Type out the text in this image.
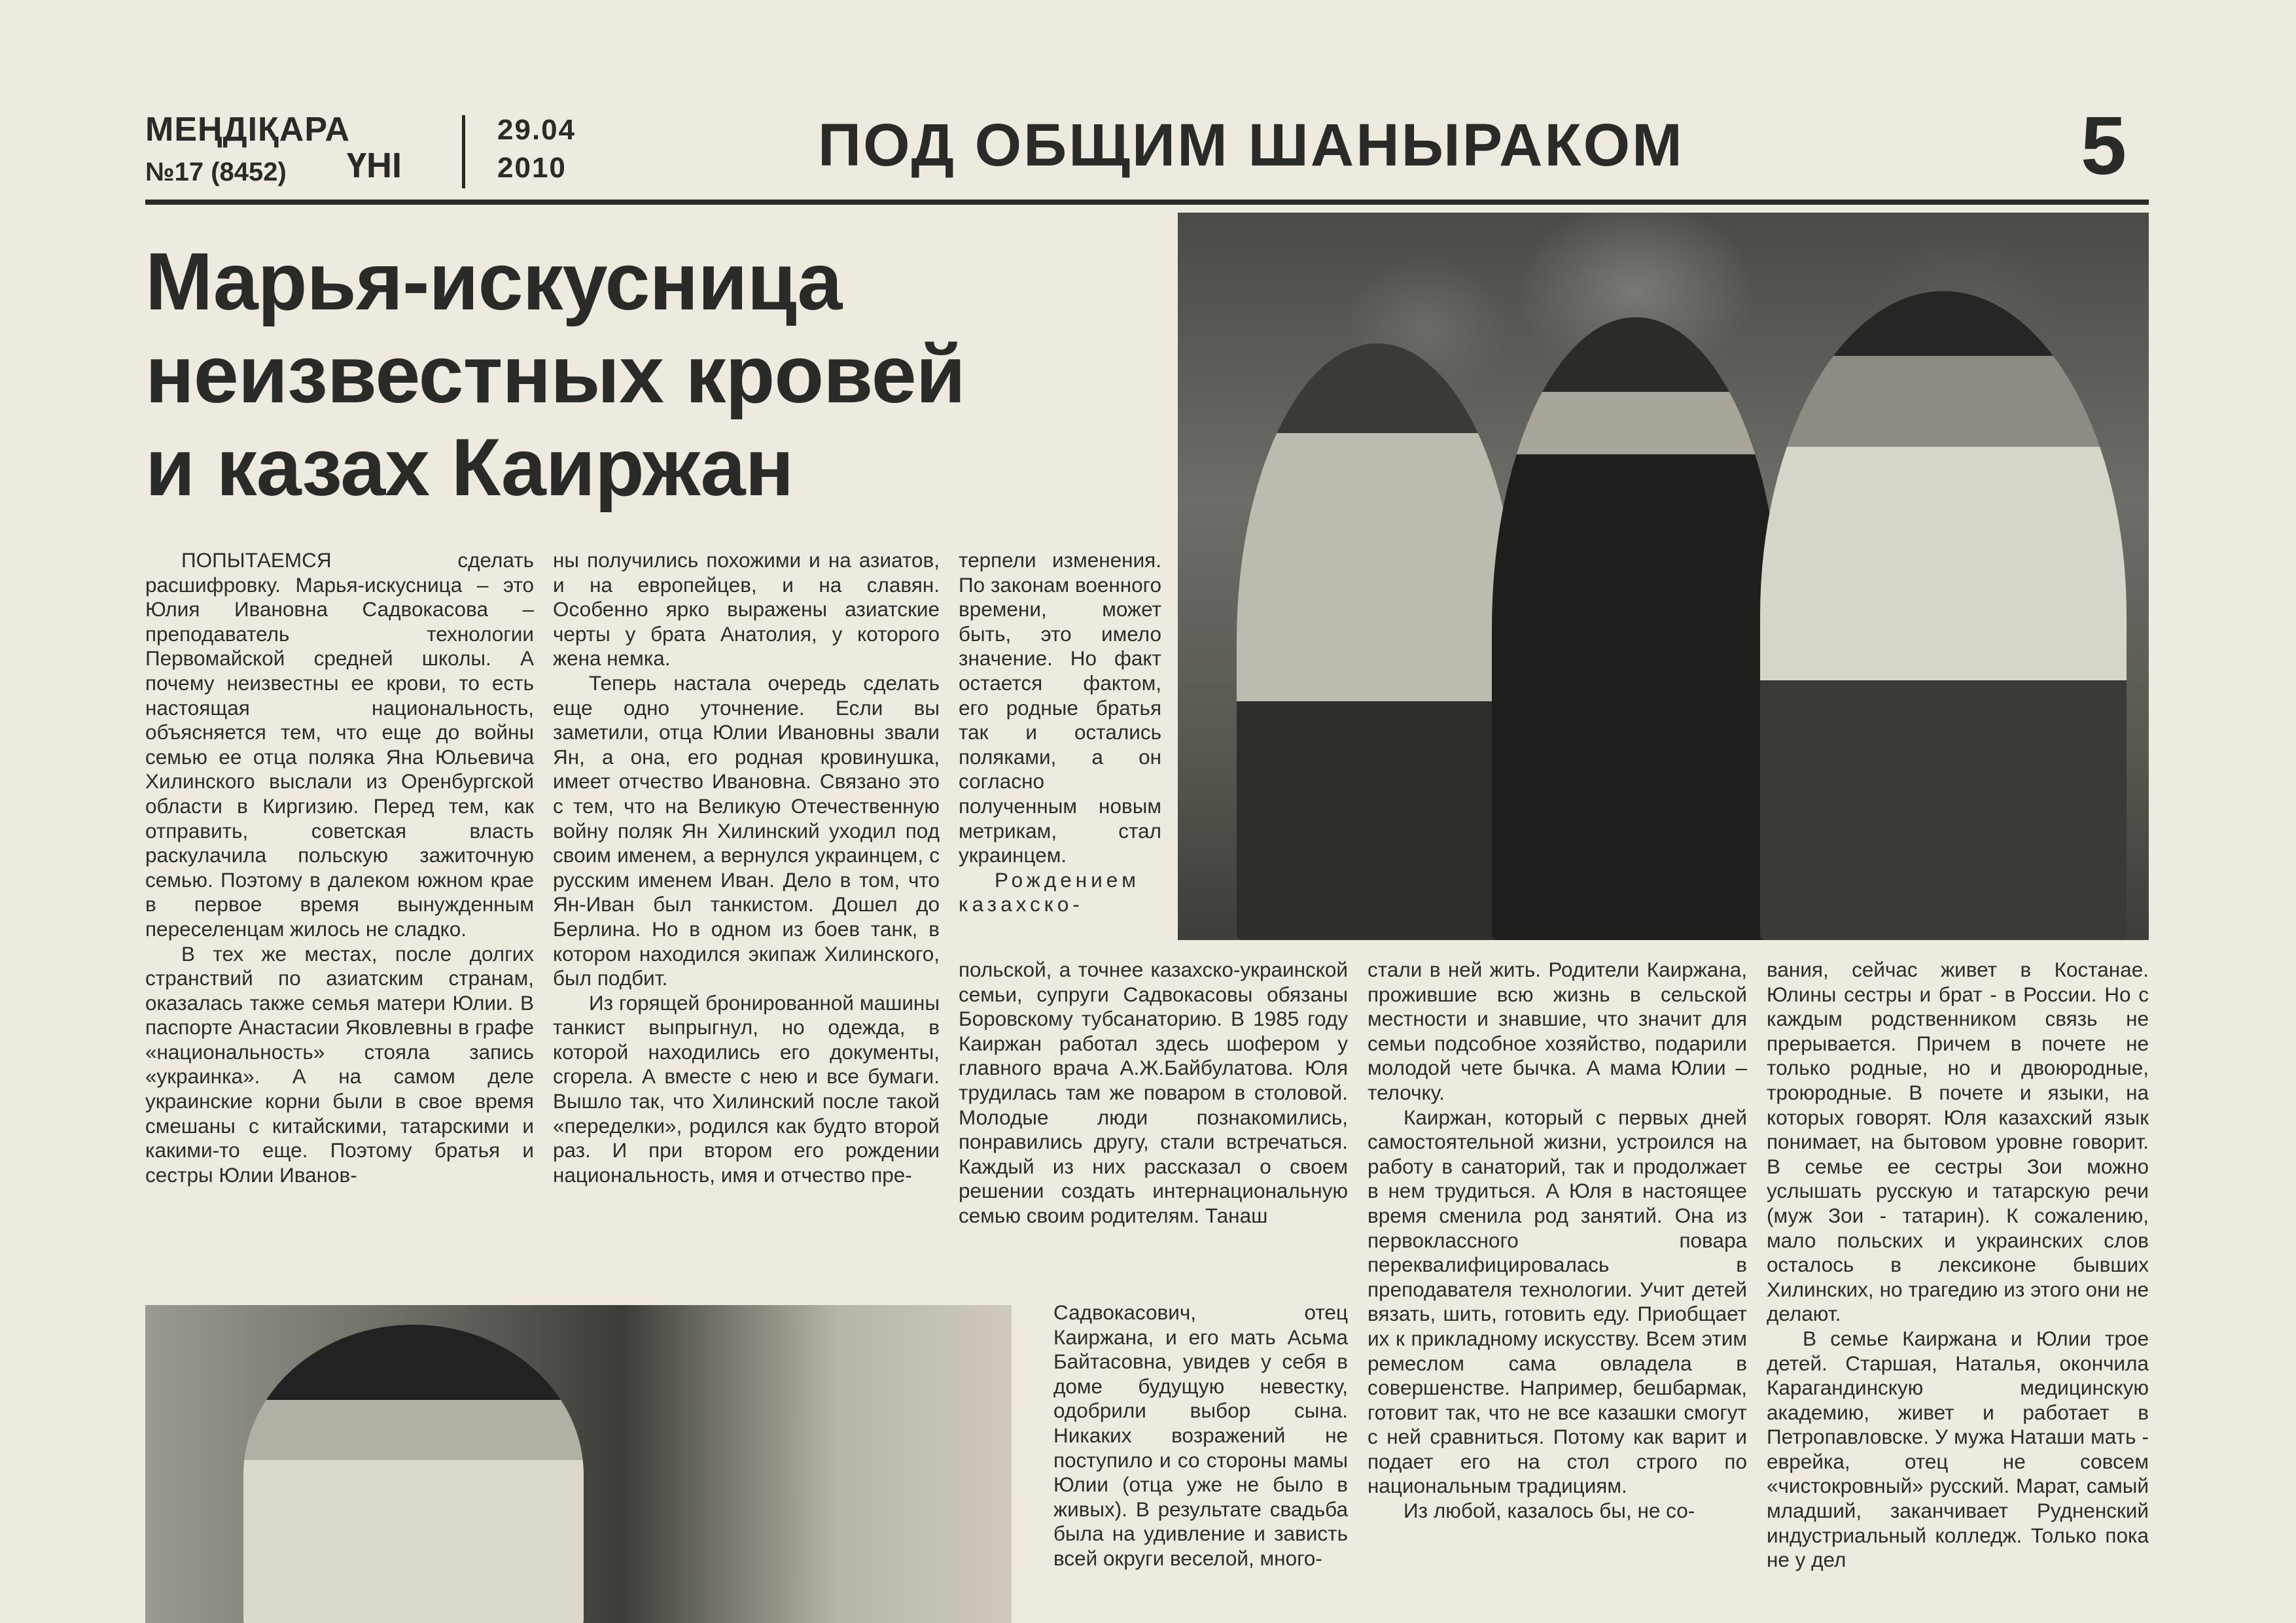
МЕҢДІҚАРА
№17 (8452) ҮНІ
29.04
2010	ПОД ОБЩИМ ШАНЫРАКОМ	5
Марья-искусница
неизвестных кровей
и казах Каиржан

ПОПЫТАЕМСЯ сделать расшифровку. Марья-искусница – это Юлия Ивановна Садвокасова – преподаватель технологии Первомайской средней школы. А почему неизвестны ее крови, то есть настоящая национальность, объясняется тем, что еще до войны семью ее отца поляка Яна Юльевича Хилинского выслали из Оренбургской области в Киргизию. Перед тем, как отправить, советская власть раскулачила польскую зажиточную семью. Поэтому в далеком южном крае в первое время вынужденным переселенцам жилось не сладко.

В тех же местах, после долгих странствий по азиатским странам, оказалась также семья матери Юлии. В паспорте Анастасии Яковлевны в графе «национальность» стояла запись «украинка». А на самом деле украинские корни были в свое время смешаны с китайскими, татарскими и какими-то еще. Поэтому братья и сестры Юлии Иванов-

ны получились похожими и на азиатов, и на европейцев, и на славян. Особенно ярко выражены азиатские черты у брата Анатолия, у которого жена немка.

Теперь настала очередь сделать еще одно уточнение. Если вы заметили, отца Юлии Ивановны звали Ян, а она, его родная кровинушка, имеет отчество Ивановна. Связано это с тем, что на Великую Отечественную войну поляк Ян Хилинский уходил под своим именем, а вернулся украинцем, с русским именем Иван. Дело в том, что Ян-Иван был танкистом. Дошел до Берлина. Но в одном из боев танк, в котором находился экипаж Хилинского, был подбит.

Из горящей бронированной машины танкист выпрыгнул, но одежда, в которой находились его документы, сгорела. А вместе с нею и все бумаги. Вышло так, что Хилинский после такой «переделки», родился как будто второй раз. И при втором его рождении национальность, имя и отчество пре-

терпели изменения. По законам военного времени, может быть, это имело значение. Но факт остается фактом, его родные братья так и остались поляками, а он согласно полученным новым метрикам, стал украинцем.

Рождением казахско-

польской, а точнее казахско-украинской семьи, супруги Садвокасовы обязаны Боровскому тубсанаторию. В 1985 году Каиржан работал здесь шофером у главного врача А.Ж.Байбулатова. Юля трудилась там же поваром в столовой. Молодые люди познакомились, понравились другу, стали встречаться. Каждый из них рассказал о своем решении создать интернациональную семью своим родителям. Танаш

Садвокасович, отец Каиржана, и его мать Асьма Байтасовна, увидев у себя в доме будущую невестку, одобрили выбор сына. Никаких возражений не поступило и со стороны мамы Юлии (отца уже не было в живых). В результате свадьба была на удивление и зависть всей округи веселой, много-

стали в ней жить. Родители Каиржана, прожившие всю жизнь в сельской местности и знавшие, что значит для семьи подсобное хозяйство, подарили молодой чете бычка. А мама Юлии – телочку.

Каиржан, который с первых дней самостоятельной жизни, устроился на работу в санаторий, так и продолжает в нем трудиться. А Юля в настоящее время сменила род занятий. Она из первоклассного повара переквалифицировалась в преподавателя технологии. Учит детей вязать, шить, готовить еду. Приобщает их к прикладному искусству. Всем этим ремеслом сама овладела в совершенстве. Например, бешбармак, готовит так, что не все казашки смогут с ней сравниться. Потому как варит и подает его на стол строго по национальным традициям.

Из любой, казалось бы, не со-

вания, сейчас живет в Костанае. Юлины сестры и брат - в России. Но с каждым родственником связь не прерывается. Причем в почете не только родные, но и двоюродные, троюродные. В почете и языки, на которых говорят. Юля казахский язык понимает, на бытовом уровне говорит. В семье ее сестры Зои можно услышать русскую и татарскую речи (муж Зои - татарин). К сожалению, мало польских и украинских слов осталось в лексиконе бывших Хилинских, но трагедию из этого они не делают.

В семье Каиржана и Юлии трое детей. Старшая, Наталья, окончила Карагандинскую медицинскую академию, живет и работает в Петропавловске. У мужа Наташи мать - еврейка, отец не совсем «чистокровный» русский. Марат, самый младший, заканчивает Рудненский индустриальный колледж. Только пока не у дел
